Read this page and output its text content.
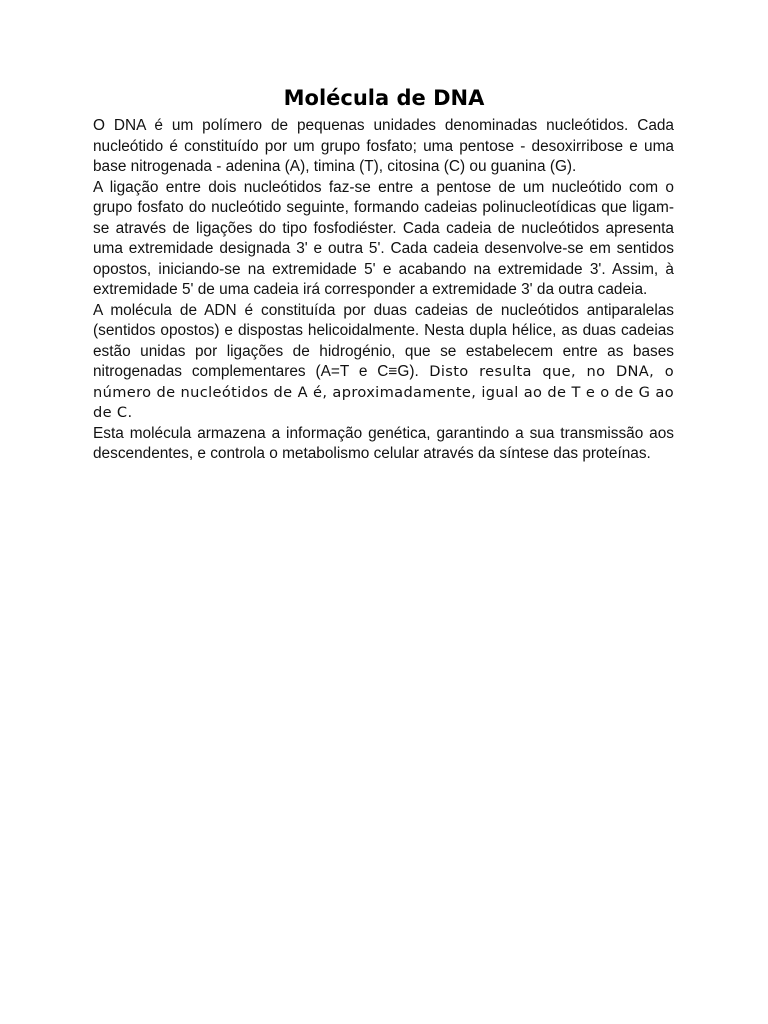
Molécula de DNA

O DNA é um polímero de pequenas unidades denominadas nucleótidos. Cada nucleótido é constituído por um grupo fosfato; uma pentose - desoxirribose e uma base nitrogenada - adenina (A), timina (T), citosina (C) ou guanina (G).

A ligação entre dois nucleótidos faz-se entre a pentose de um nucleótido com o grupo fosfato do nucleótido seguinte, formando cadeias polinucleotídicas que ligam-se através de ligações do tipo fosfodiéster. Cada cadeia de nucleótidos apresenta uma extremidade designada 3' e outra 5'. Cada cadeia desenvolve-se em sentidos opostos, iniciando-se na extremidade 5' e acabando na extremidade 3'. Assim, à extremidade 5' de uma cadeia irá corresponder a extremidade 3' da outra cadeia.

A molécula de ADN é constituída por duas cadeias de nucleótidos antiparalelas (sentidos opostos) e dispostas helicoidalmente. Nesta dupla hélice, as duas cadeias estão unidas por ligações de hidrogénio, que se estabelecem entre as bases nitrogenadas complementares (A=T e C≡G). Disto resulta que, no DNA, o número de nucleótidos de A é, aproximadamente, igual ao de T e o de G ao de C.

Esta molécula armazena a informação genética, garantindo a sua transmissão aos descendentes, e controla o metabolismo celular através da síntese das proteínas.
